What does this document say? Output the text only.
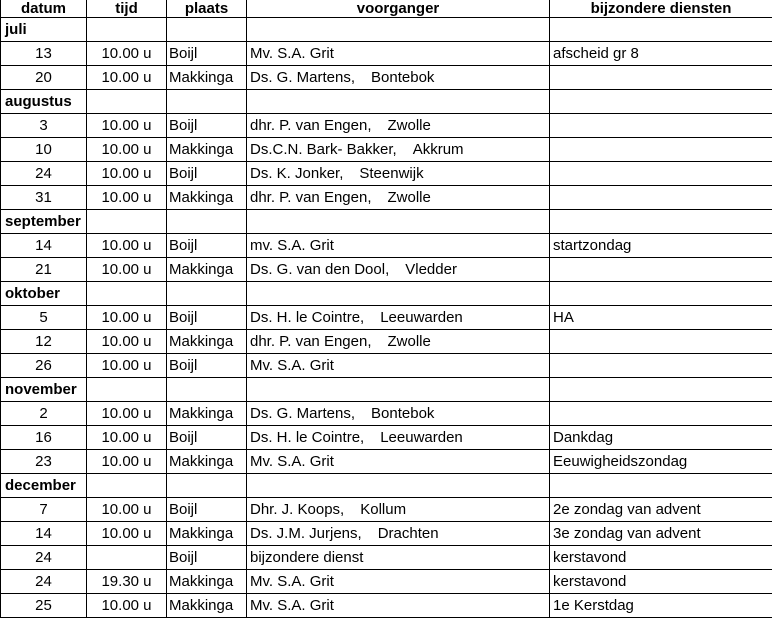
datum	tijd	plaats	voorganger	bijzondere diensten
juli				
13	10.00 u	Boijl	Mv. S.A. Grit	afscheid gr 8
20	10.00 u	Makkinga	Ds. G. Martens, Bontebok	
augustus				
3	10.00 u	Boijl	dhr. P. van Engen, Zwolle	
10	10.00 u	Makkinga	Ds.C.N. Bark- Bakker, Akkrum	
24	10.00 u	Boijl	Ds. K. Jonker, Steenwijk	
31	10.00 u	Makkinga	dhr. P. van Engen, Zwolle	
september				
14	10.00 u	Boijl	mv. S.A. Grit	startzondag
21	10.00 u	Makkinga	Ds. G. van den Dool, Vledder	
oktober				
5	10.00 u	Boijl	Ds. H. le Cointre, Leeuwarden	HA
12	10.00 u	Makkinga	dhr. P. van Engen, Zwolle	
26	10.00 u	Boijl	Mv. S.A. Grit	
november				
2	10.00 u	Makkinga	Ds. G. Martens, Bontebok	
16	10.00 u	Boijl	Ds. H. le Cointre, Leeuwarden	Dankdag
23	10.00 u	Makkinga	Mv. S.A. Grit	Eeuwigheidszondag
december				
7	10.00 u	Boijl	Dhr. J. Koops, Kollum	2e zondag van advent
14	10.00 u	Makkinga	Ds. J.M. Jurjens, Drachten	3e zondag van advent
24		Boijl	bijzondere dienst	kerstavond
24	19.30 u	Makkinga	Mv. S.A. Grit	kerstavond
25	10.00 u	Makkinga	Mv. S.A. Grit	1e Kerstdag
